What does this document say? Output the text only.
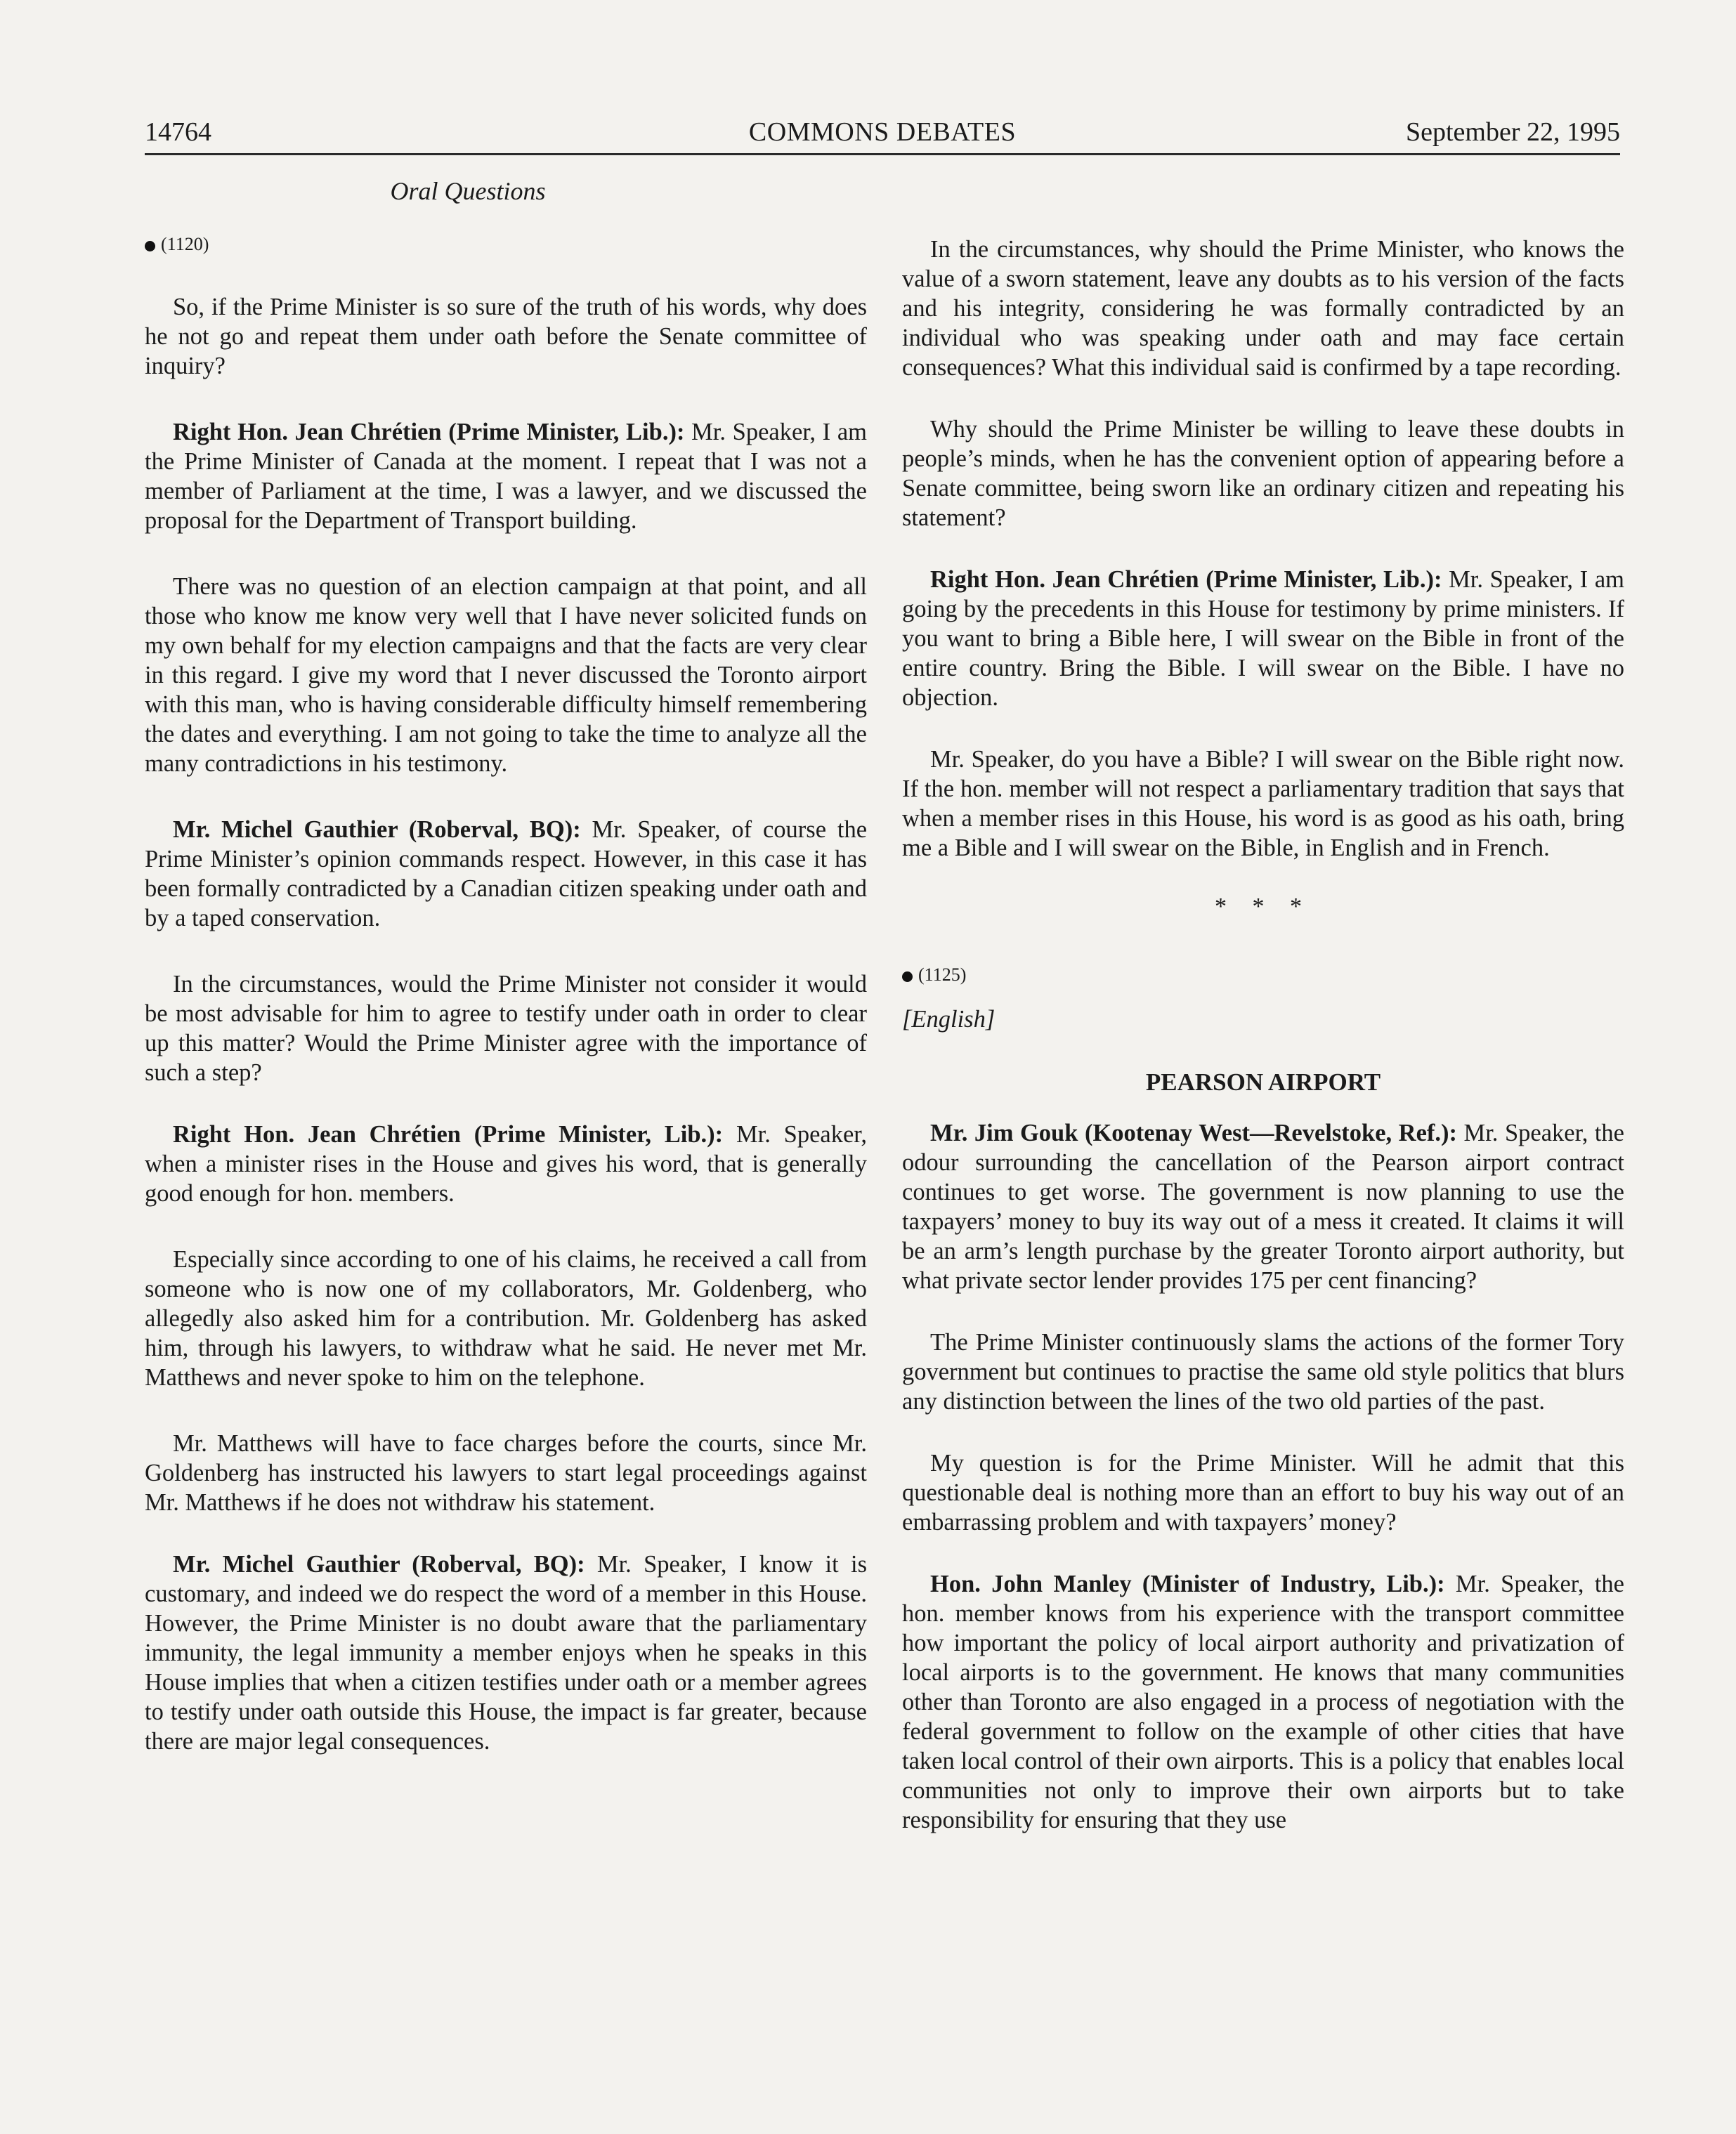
14764	COMMONS DEBATES	September 22, 1995

Oral Questions

(1120)

So, if the Prime Minister is so sure of the truth of his words, why does he not go and repeat them under oath before the Senate committee of inquiry?

Right Hon. Jean Chrétien (Prime Minister, Lib.): Mr. Speaker, I am the Prime Minister of Canada at the moment. I repeat that I was not a member of Parliament at the time, I was a lawyer, and we discussed the proposal for the Department of Transport building.

There was no question of an election campaign at that point, and all those who know me know very well that I have never solicited funds on my own behalf for my election campaigns and that the facts are very clear in this regard. I give my word that I never discussed the Toronto airport with this man, who is having considerable difficulty himself remembering the dates and everything. I am not going to take the time to analyze all the many contradictions in his testimony.

Mr. Michel Gauthier (Roberval, BQ): Mr. Speaker, of course the Prime Minister’s opinion commands respect. However, in this case it has been formally contradicted by a Canadian citizen speaking under oath and by a taped conservation.

In the circumstances, would the Prime Minister not consider it would be most advisable for him to agree to testify under oath in order to clear up this matter? Would the Prime Minister agree with the importance of such a step?

Right Hon. Jean Chrétien (Prime Minister, Lib.): Mr. Speaker, when a minister rises in the House and gives his word, that is generally good enough for hon. members.

Especially since according to one of his claims, he received a call from someone who is now one of my collaborators, Mr. Goldenberg, who allegedly also asked him for a contribution. Mr. Goldenberg has asked him, through his lawyers, to withdraw what he said. He never met Mr. Matthews and never spoke to him on the telephone.

Mr. Matthews will have to face charges before the courts, since Mr. Goldenberg has instructed his lawyers to start legal proceedings against Mr. Matthews if he does not withdraw his statement.

Mr. Michel Gauthier (Roberval, BQ): Mr. Speaker, I know it is customary, and indeed we do respect the word of a member in this House. However, the Prime Minister is no doubt aware that the parliamentary immunity, the legal immunity a member enjoys when he speaks in this House implies that when a citizen testifies under oath or a member agrees to testify under oath outside this House, the impact is far greater, because there are major legal consequences.

In the circumstances, why should the Prime Minister, who knows the value of a sworn statement, leave any doubts as to his version of the facts and his integrity, considering he was formally contradicted by an individual who was speaking under oath and may face certain consequences? What this individual said is confirmed by a tape recording.

Why should the Prime Minister be willing to leave these doubts in people’s minds, when he has the convenient option of appearing before a Senate committee, being sworn like an ordinary citizen and repeating his statement?

Right Hon. Jean Chrétien (Prime Minister, Lib.): Mr. Speaker, I am going by the precedents in this House for testimony by prime ministers. If you want to bring a Bible here, I will swear on the Bible in front of the entire country. Bring the Bible. I will swear on the Bible. I have no objection.

Mr. Speaker, do you have a Bible? I will swear on the Bible right now. If the hon. member will not respect a parliamentary tradition that says that when a member rises in this House, his word is as good as his oath, bring me a Bible and I will swear on the Bible, in English and in French.

* * *

(1125)

[English]

PEARSON AIRPORT

Mr. Jim Gouk (Kootenay West—Revelstoke, Ref.): Mr. Speaker, the odour surrounding the cancellation of the Pearson airport contract continues to get worse. The government is now planning to use the taxpayers’ money to buy its way out of a mess it created. It claims it will be an arm’s length purchase by the greater Toronto airport authority, but what private sector lender provides 175 per cent financing?

The Prime Minister continuously slams the actions of the former Tory government but continues to practise the same old style politics that blurs any distinction between the lines of the two old parties of the past.

My question is for the Prime Minister. Will he admit that this questionable deal is nothing more than an effort to buy his way out of an embarrassing problem and with taxpayers’ money?

Hon. John Manley (Minister of Industry, Lib.): Mr. Speaker, the hon. member knows from his experience with the transport committee how important the policy of local airport authority and privatization of local airports is to the government. He knows that many communities other than Toronto are also engaged in a process of negotiation with the federal government to follow on the example of other cities that have taken local control of their own airports. This is a policy that enables local communities not only to improve their own airports but to take responsibility for ensuring that they use
